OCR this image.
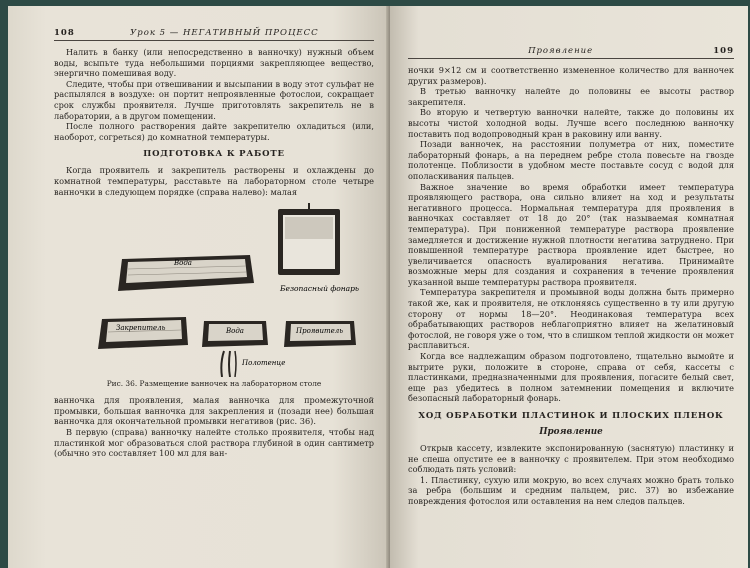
108	Урок 5 — НЕГАТИВНЫЙ ПРОЦЕСС

Налить в банку (или непосредственно в ванночку) нужный объем воды, всыпьте туда небольшими порциями закрепляющее вещество, энергично помешивая воду.

Следите, чтобы при отвешивании и высыпании в воду этот сульфат не распылялся в воздухе: он портит непроявленные фотослои, сокращает срок службы проявителя. Лучше приготовлять закрепитель не в лаборатории, а в другом помещении.

После полного растворения дайте закрепителю охладиться (или, наоборот, согреться) до комнатной температуры.

ПОДГОТОВКА К РАБОТЕ

Когда проявитель и закрепитель растворены и охлаждены до комнатной температуры, расставьте на лабораторном столе четыре ванночки в следующем порядке (справа налево): малая

Безопасный фонарь
Вода
Закрепитель	Вода	Проявитель
Полотенце
Рис. 36. Размещение ванночек на лабораторном столе

ванночка для проявления, малая ванночка для промежуточной промывки, большая ванночка для закрепления и (позади нее) большая ванночка для окончательной промывки негативов (рис. 36).

В первую (справа) ванночку налейте столько проявителя, чтобы над пластинкой мог образоваться слой раствора глубиной в один сантиметр (обычно это составляет 100 мл для ван-

Проявление	109

ночки 9×12 см и соответственно измененное количество для ванночек других размеров).

В третью ванночку налейте до половины ее высоты раствор закрепителя.

Во вторую и четвертую ванночки налейте, также до половины их высоты чистой холодной воды. Лучше всего последнюю ванночку поставить под водопроводный кран в раковину или ванну.

Позади ванночек, на расстоянии полуметра от них, поместите лабораторный фонарь, а на переднем ребре стола повесьте на гвозде полотенце. Поблизости в удобном месте поставьте сосуд с водой для ополаскивания пальцев.

Важное значение во время обработки имеет температура проявляющего раствора, она сильно влияет на ход и результаты негативного процесса. Нормальная температура для проявления в ванночках составляет от 18 до 20° (так называемая комнатная температура). При пониженной температуре раствора проявление замедляется и достижение нужной плотности негатива затруднено. При повышенной температуре раствора проявление идет быстрее, но увеличивается опасность вуалирования негатива. Принимайте возможные меры для создания и сохранения в течение проявления указанной выше температуры раствора проявителя.

Температура закрепителя и промывной воды должна быть примерно такой же, как и проявителя, не отклоняясь существенно в ту или другую сторону от нормы 18—20°. Неодинаковая температура всех обрабатывающих растворов неблагоприятно влияет на желатиновый фотослой, не говоря уже о том, что в слишком теплой жидкости он может расплавиться.

Когда все надлежащим образом подготовлено, тщательно вымойте и вытрите руки, положите в стороне, справа от себя, кассеты с пластинками, предназначенными для проявления, погасите белый свет, еще раз убедитесь в полном затемнении помещения и включите безопасный лабораторный фонарь.

ХОД ОБРАБОТКИ ПЛАСТИНОК И ПЛОСКИХ ПЛЕНОК
Проявление

Открыв кассету, извлеките экспонированную (заснятую) пластинку и не спеша опустите ее в ванночку с проявителем. При этом необходимо соблюдать пять условий:

1. Пластинку, сухую или мокрую, во всех случаях можно брать только за ребра (большим и средним пальцем, рис. 37) во избежание повреждения фотослоя или оставления на нем следов пальцев.
